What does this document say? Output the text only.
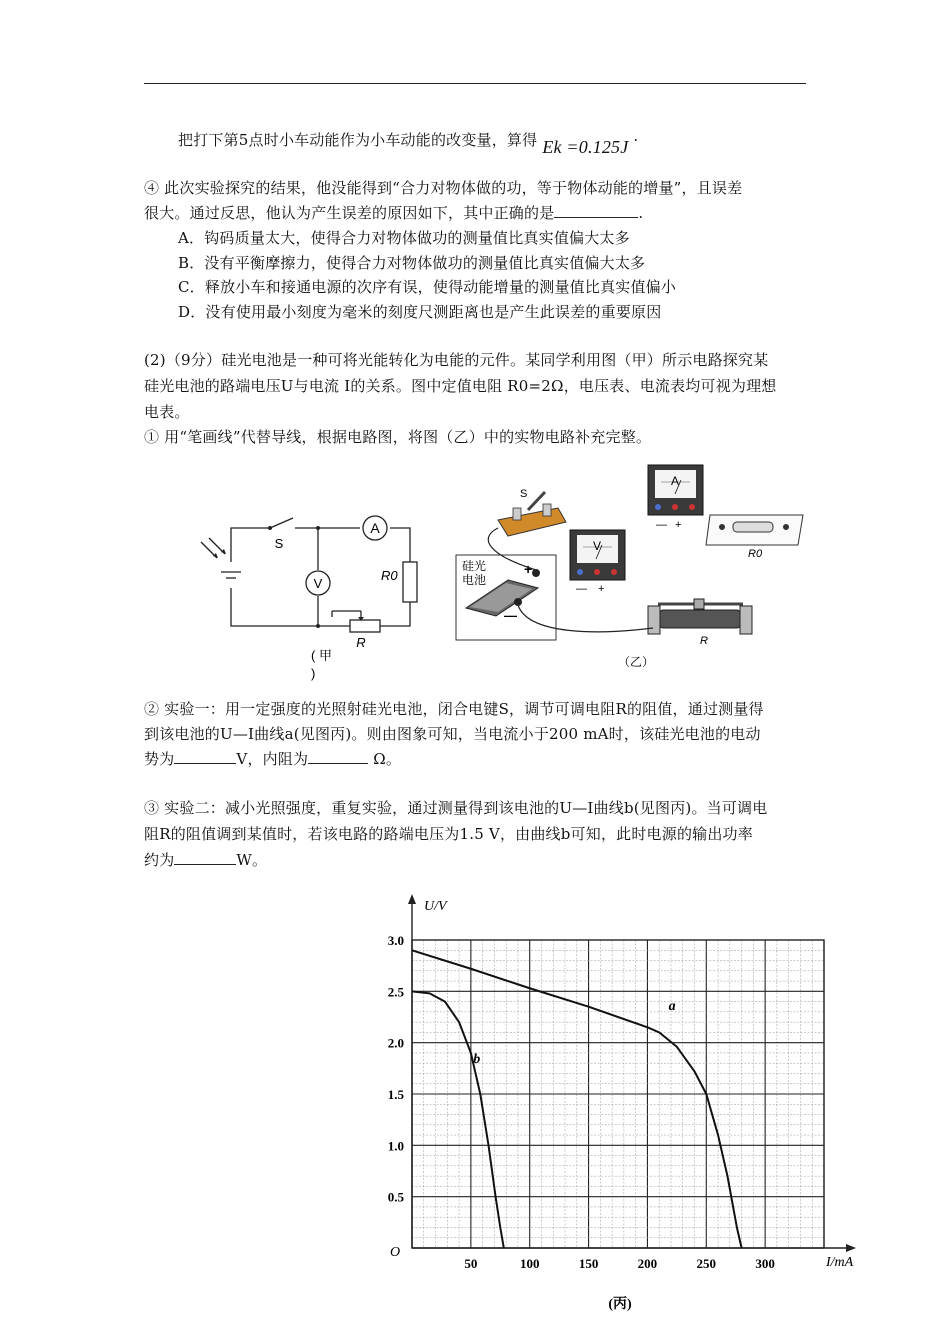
把打下第5点时小车动能作为小车动能的改变量，算得 Ek =0.125J .
④ 此次实验探究的结果，他没能得到“合力对物体做的功，等于物体动能的增量”，且误差
很大。通过反思，他认为产生误差的原因如下，其中正确的是	.
A．钩码质量太大，使得合力对物体做功的测量值比真实值偏大太多
B．没有平衡摩擦力，使得合力对物体做功的测量值比真实值偏大太多
C．释放小车和接通电源的次序有误，使得动能增量的测量值比真实值偏小
D．没有使用最小刻度为毫米的刻度尺测距离也是产生此误差的重要原因
(2)（9分）硅光电池是一种可将光能转化为电能的元件。某同学利用图（甲）所示电路探究某
硅光电池的路端电压U与电流 I的关系。图中定值电阻 R0=2Ω，电压表、电流表均可视为理想
电表。
① 用“笔画线”代替导线，根据电路图，将图（乙）中的实物电路补充完整。
A
V
S
R0
R
( 甲
)
S
A
— +
V
— +
R0
硅光
电池
+
—
R
（乙）
② 实验一：用一定强度的光照射硅光电池，闭合电键S，调节可调电阻R的阻值，通过测量得
到该电池的U—I曲线a(见图丙)。则由图象可知，当电流小于200 mA时，该硅光电池的电动
势为	V，内阻为	Ω。
③ 实验二：减小光照强度，重复实验，通过测量得到该电池的U—I曲线b(见图丙)。当可调电
阻R的阻值调到某值时，若该电路的路端电压为1.5 V，由曲线b可知，此时电源的输出功率
约为	W。
50	100	150	200	250	300
0.5
1.0
1.5
2.0
2.5
3.0
O
U/V
I/mA
(丙)
a
b
